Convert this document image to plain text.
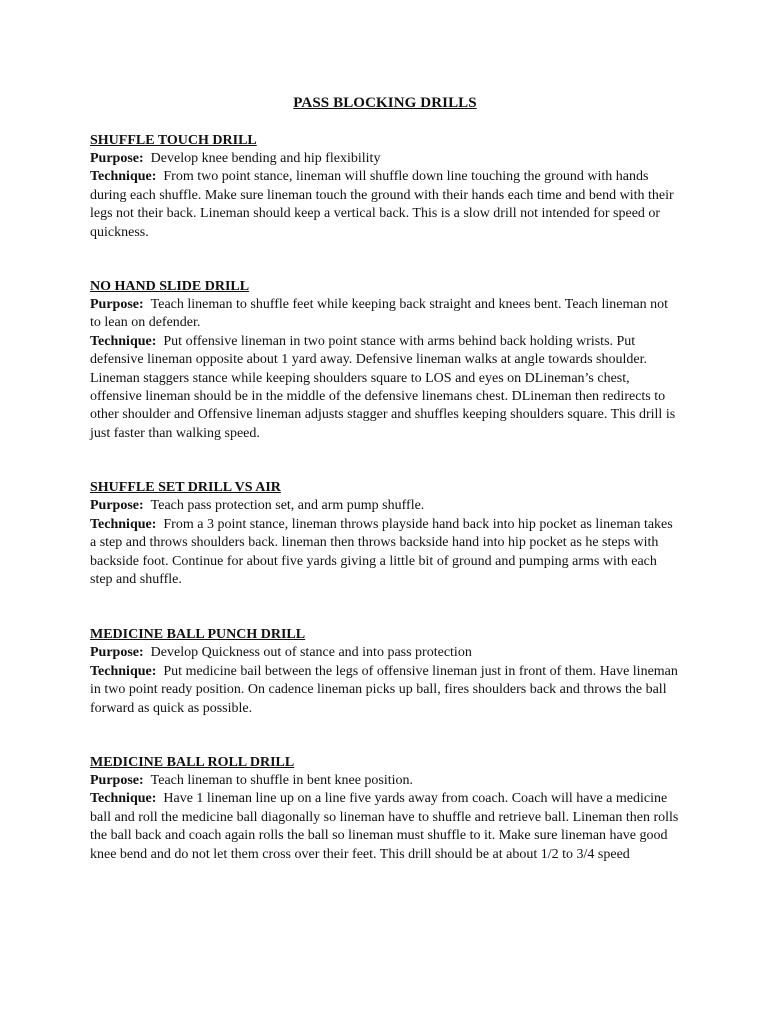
PASS BLOCKING DRILLS
SHUFFLE TOUCH DRILL

Purpose: Develop knee bending and hip flexibility

Technique: From two point stance, lineman will shuffle down line touching the ground with hands during each shuffle. Make sure lineman touch the ground with their hands each time and bend with their legs not their back. Lineman should keep a vertical back. This is a slow drill not intended for speed or quickness.

NO HAND SLIDE DRILL

Purpose: Teach lineman to shuffle feet while keeping back straight and knees bent. Teach lineman not to lean on defender.

Technique: Put offensive lineman in two point stance with arms behind back holding wrists. Put defensive lineman opposite about 1 yard away. Defensive lineman walks at angle towards shoulder. Lineman staggers stance while keeping shoulders square to LOS and eyes on DLineman’s chest, offensive lineman should be in the middle of the defensive linemans chest. DLineman then redirects to other shoulder and Offensive lineman adjusts stagger and shuffles keeping shoulders square. This drill is just faster than walking speed.

SHUFFLE SET DRILL VS AIR

Purpose: Teach pass protection set, and arm pump shuffle.

Technique: From a 3 point stance, lineman throws playside hand back into hip pocket as lineman takes a step and throws shoulders back. lineman then throws backside hand into hip pocket as he steps with backside foot. Continue for about five yards giving a little bit of ground and pumping arms with each step and shuffle.

MEDICINE BALL PUNCH DRILL

Purpose: Develop Quickness out of stance and into pass protection

Technique: Put medicine bail between the legs of offensive lineman just in front of them. Have lineman in two point ready position. On cadence lineman picks up ball, fires shoulders back and throws the ball forward as quick as possible.

MEDICINE BALL ROLL DRILL

Purpose: Teach lineman to shuffle in bent knee position.

Technique: Have 1 lineman line up on a line five yards away from coach. Coach will have a medicine ball and roll the medicine ball diagonally so lineman have to shuffle and retrieve ball. Lineman then rolls the ball back and coach again rolls the ball so lineman must shuffle to it. Make sure lineman have good knee bend and do not let them cross over their feet. This drill should be at about 1/2 to 3/4 speed
